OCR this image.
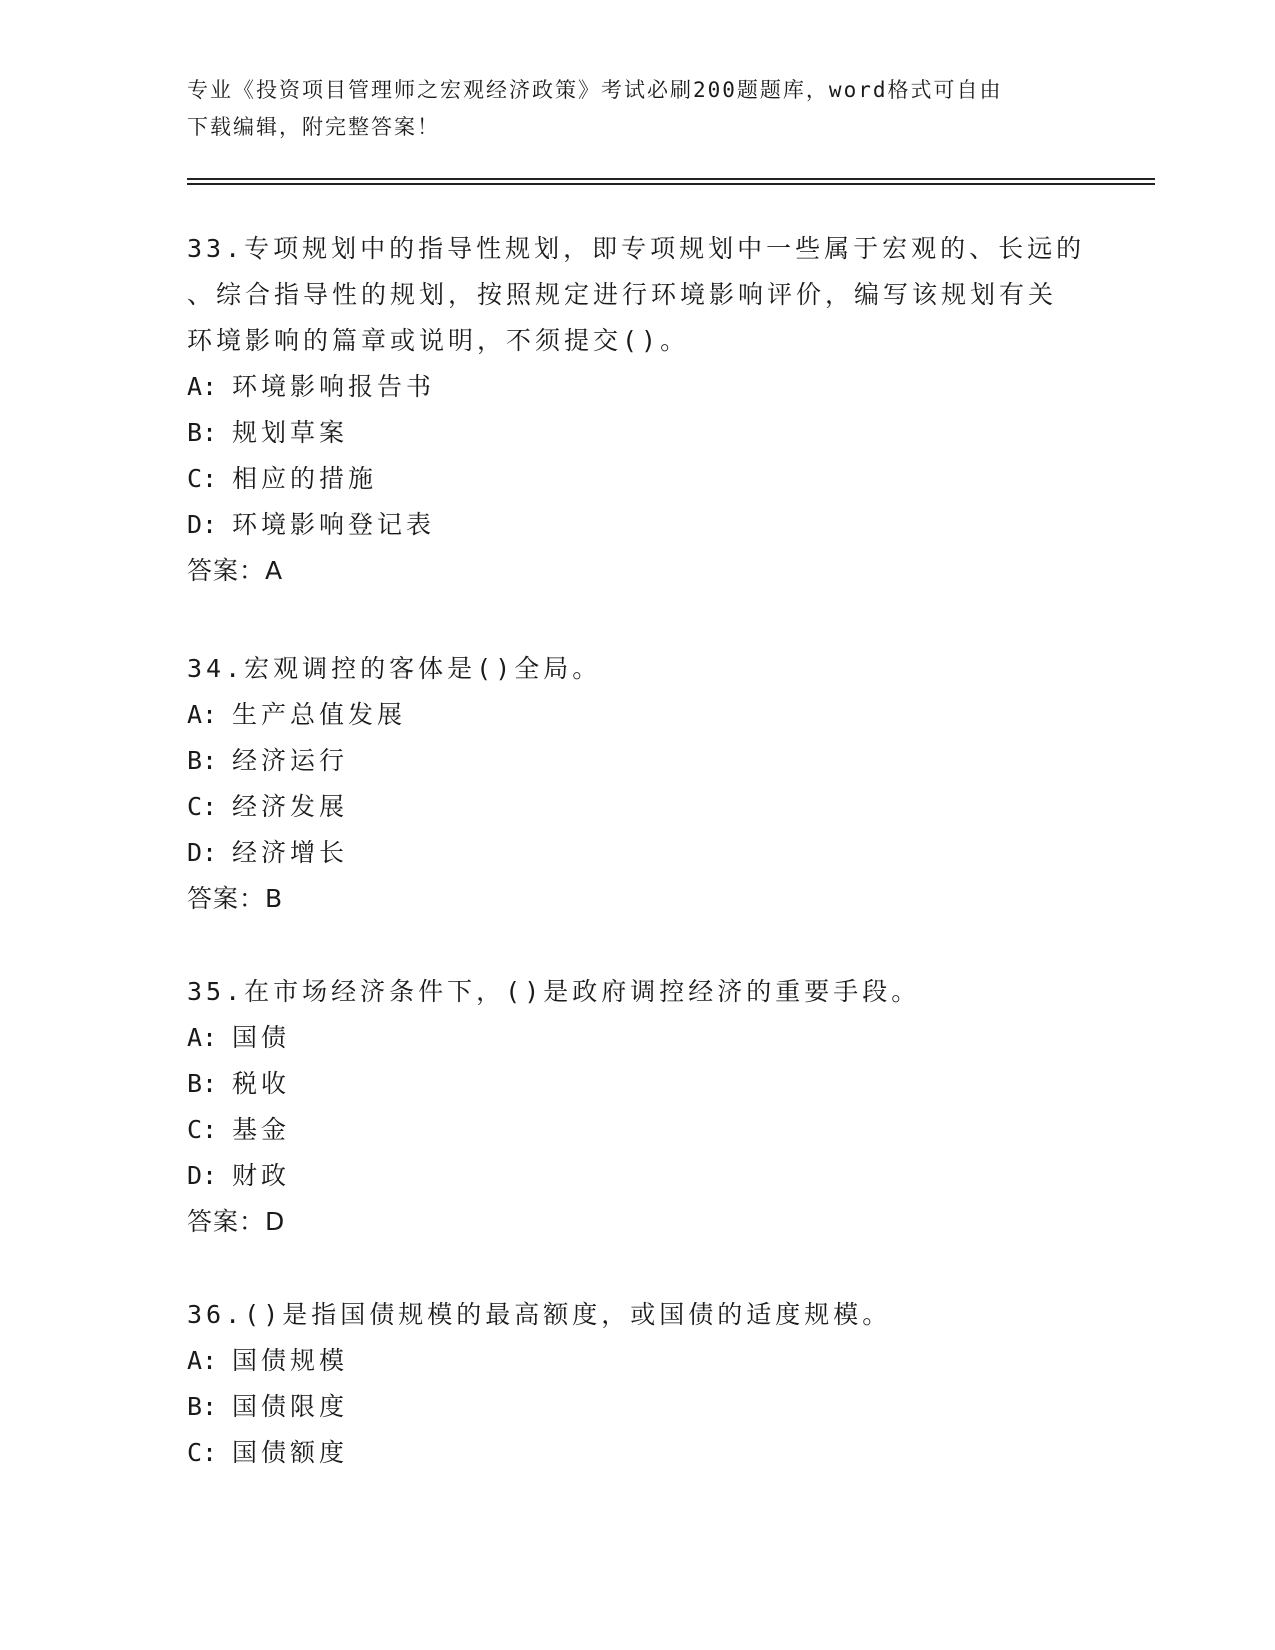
专业《投资项目管理师之宏观经济政策》考试必刷200题题库，word格式可自由
下载编辑，附完整答案！
33.专项规划中的指导性规划，即专项规划中一些属于宏观的、长远的
、综合指导性的规划，按照规定进行环境影响评价，编写该规划有关
环境影响的篇章或说明，不须提交()。
A: 环境影响报告书
B: 规划草案
C: 相应的措施
D: 环境影响登记表
答案：A
34.宏观调控的客体是()全局。
A: 生产总值发展
B: 经济运行
C: 经济发展
D: 经济增长
答案：B
35.在市场经济条件下，()是政府调控经济的重要手段。
A: 国债
B: 税收
C: 基金
D: 财政
答案：D
36.()是指国债规模的最高额度，或国债的适度规模。
A: 国债规模
B: 国债限度
C: 国债额度
